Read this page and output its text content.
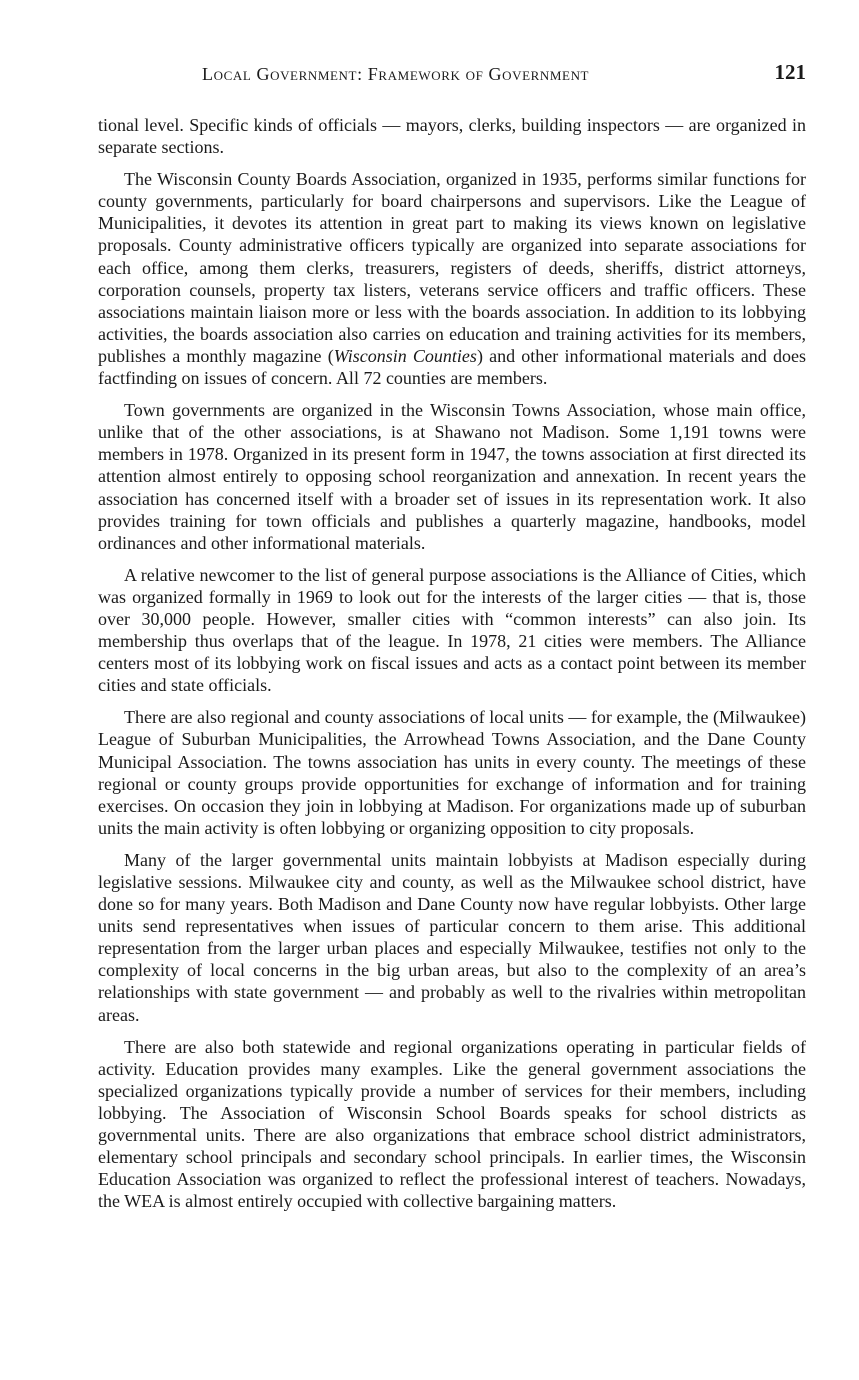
Local Government: Framework of Government	121

tional level. Specific kinds of officials — mayors, clerks, building inspectors — are organized in separate sections.

The Wisconsin County Boards Association, organized in 1935, performs similar functions for county governments, particularly for board chairpersons and supervisors. Like the League of Municipalities, it devotes its attention in great part to making its views known on legislative proposals. County administrative officers typically are organized into separate associations for each office, among them clerks, treasurers, registers of deeds, sheriffs, district attorneys, corporation counsels, property tax listers, veterans service officers and traffic officers. These associations maintain liaison more or less with the boards association. In addition to its lobbying activities, the boards association also carries on education and training activities for its members, publishes a monthly magazine (Wisconsin Counties) and other informational materials and does factfinding on issues of concern. All 72 counties are members.

Town governments are organized in the Wisconsin Towns Association, whose main office, unlike that of the other associations, is at Shawano not Madison. Some 1,191 towns were members in 1978. Organized in its present form in 1947, the towns association at first directed its attention almost entirely to opposing school reorganization and annexation. In recent years the association has concerned itself with a broader set of issues in its representation work. It also provides training for town officials and publishes a quarterly magazine, handbooks, model ordinances and other informational materials.

A relative newcomer to the list of general purpose associations is the Alliance of Cities, which was organized formally in 1969 to look out for the interests of the larger cities — that is, those over 30,000 people. However, smaller cities with “common interests” can also join. Its membership thus overlaps that of the league. In 1978, 21 cities were members. The Alliance centers most of its lobbying work on fiscal issues and acts as a contact point between its member cities and state officials.

There are also regional and county associations of local units — for example, the (Milwaukee) League of Suburban Municipalities, the Arrowhead Towns Association, and the Dane County Municipal Association. The towns association has units in every county. The meetings of these regional or county groups provide opportunities for exchange of information and for training exercises. On occasion they join in lobbying at Madison. For organizations made up of suburban units the main activity is often lobbying or organizing opposition to city proposals.

Many of the larger governmental units maintain lobbyists at Madison especially during legislative sessions. Milwaukee city and county, as well as the Milwaukee school district, have done so for many years. Both Madison and Dane County now have regular lobbyists. Other large units send representatives when issues of particular concern to them arise. This additional representation from the larger urban places and especially Milwaukee, testifies not only to the complexity of local concerns in the big urban areas, but also to the complexity of an area’s relationships with state government — and probably as well to the rivalries within metropolitan areas.

There are also both statewide and regional organizations operating in particular fields of activity. Education provides many examples. Like the general government associations the specialized organizations typically provide a number of services for their members, including lobbying. The Association of Wisconsin School Boards speaks for school districts as governmental units. There are also organizations that embrace school district administrators, elementary school principals and secondary school principals. In earlier times, the Wisconsin Education Association was organized to reflect the professional interest of teachers. Nowadays, the WEA is almost entirely occupied with collective bargaining matters.
